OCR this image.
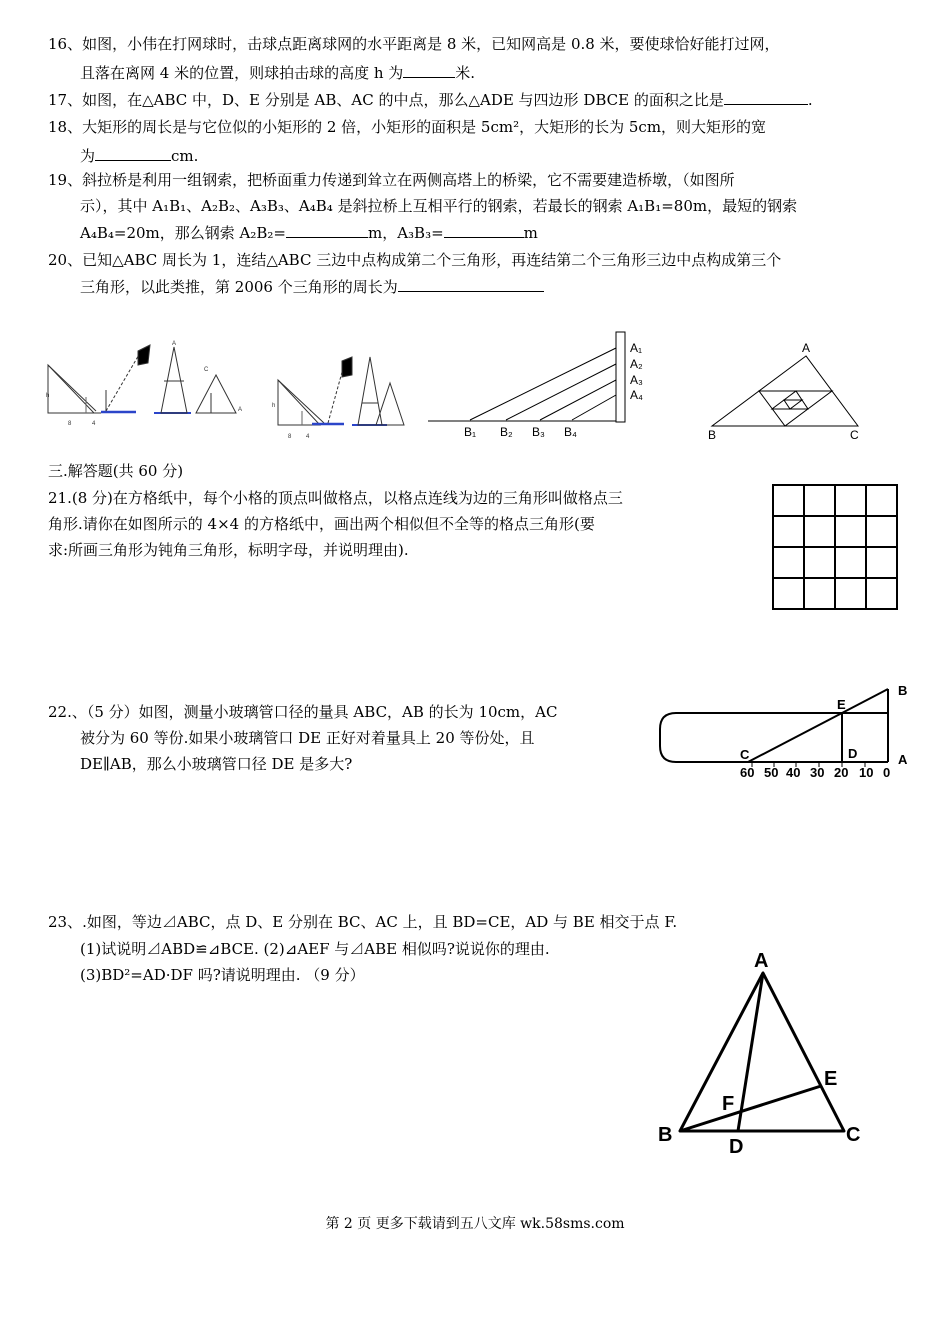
16、如图，小伟在打网球时，击球点距离球网的水平距离是 8 米，已知网高是 0.8 米，要使球恰好能打过网，
且落在离网 4 米的位置，则球拍击球的高度 h 为	米.
17、如图，在△ABC 中，D、E 分别是 AB、AC 的中点，那么△ADE 与四边形 DBCE 的面积之比是	.
18、大矩形的周长是与它位似的小矩形的 2 倍，小矩形的面积是 5cm²，大矩形的长为 5cm，则大矩形的宽
为	cm.
19、斜拉桥是利用一组钢索，把桥面重力传递到耸立在两侧高塔上的桥梁，它不需要建造桥墩，（如图所
示），其中 A₁B₁、A₂B₂、A₃B₃、A₄B₄ 是斜拉桥上互相平行的钢索，若最长的钢索 A₁B₁=80m，最短的钢索
A₄B₄=20m，那么钢索 A₂B₂=	m，A₃B₃=	m
20、已知△ABC 周长为 1，连结△ABC 三边中点构成第二个三角形，再连结第二个三角形三边中点构成第三个
三角形，以此类推，第 2006 个三角形的周长为
h
8	4
A
C
A
h
8 4
A₁
A₂
A₃
A₄
B₁ B₂ B₃ B₄
A
B	C
三.解答题(共 60 分)
21.(8 分)在方格纸中，每个小格的顶点叫做格点，以格点连线为边的三角形叫做格点三
角形.请你在如图所示的 4×4 的方格纸中，画出两个相似但不全等的格点三角形(要
求:所画三角形为钝角三角形，标明字母，并说明理由).
22.、（5 分）如图，测量小玻璃管口径的量具 ABC，AB 的长为 10cm，AC
被分为 60 等份.如果小玻璃管口 DE 正好对着量具上 20 等份处，且
DE∥AB，那么小玻璃管口径 DE 是多大?
B
E
C	D	A
60 50 40 30 20 10 0
23、.如图，等边⊿ABC，点 D、E 分别在 BC、AC 上，且 BD=CE，AD 与 BE 相交于点 F.
(1)试说明⊿ABD≌⊿BCE. (2)⊿AEF 与⊿ABE 相似吗?说说你的理由.
(3)BD²=AD·DF 吗?请说明理由. （9 分）
A
B	C
D
E
F
第 2 页 更多下载请到五八文库 wk.58sms.com
